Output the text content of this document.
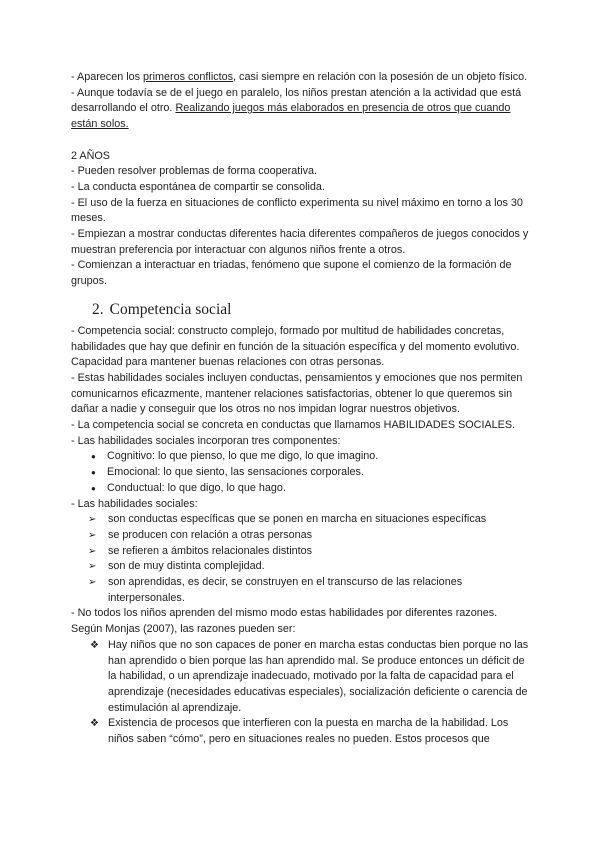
- Aparecen los primeros conflictos, casi siempre en relación con la posesión de un objeto físico.

- Aunque todavía se de el juego en paralelo, los niños prestan atención a la actividad que está desarrollando el otro. Realizando juegos más elaborados en presencia de otros que cuando están solos.

2 AÑOS

- Pueden resolver problemas de forma cooperativa.

- La conducta espontánea de compartir se consolida.

- El uso de la fuerza en situaciones de conflicto experimenta su nivel máximo en torno a los 30 meses.

- Empiezan a mostrar conductas diferentes hacia diferentes compañeros de juegos conocidos y muestran preferencia por interactuar con algunos niños frente a otros.

- Comienzan a interactuar en triadas, fenómeno que supone el comienzo de la formación de grupos.

2. Competencia social

- Competencia social: constructo complejo, formado por multitud de habilidades concretas, habilidades que hay que definir en función de la situación específica y del momento evolutivo. Capacidad para mantener buenas relaciones con otras personas.

- Estas habilidades sociales incluyen conductas, pensamientos y emociones que nos permiten comunicarnos eficazmente, mantener relaciones satisfactorias, obtener lo que queremos sin dañar a nadie y conseguir que los otros no nos impidan lograr nuestros objetivos.

- La competencia social se concreta en conductas que llamamos HABILIDADES SOCIALES.

- Las habilidades sociales incorporan tres componentes:

● Cognitivo: lo que pienso, lo que me digo, lo que imagino.
● Emocional: lo que siento, las sensaciones corporales.
● Conductual: lo que digo, lo que hago.

- Las habilidades sociales:

➢ son conductas específicas que se ponen en marcha en situaciones específicas
➢ se producen con relación a otras personas
➢ se refieren a ámbitos relacionales distintos
➢ son de muy distinta complejidad.
➢ son aprendidas, es decir, se construyen en el transcurso de las relaciones interpersonales.

- No todos los niños aprenden del mismo modo estas habilidades por diferentes razones. Según Monjas (2007), las razones pueden ser:

❖ Hay niños que no son capaces de poner en marcha estas conductas bien porque no las han aprendido o bien porque las han aprendido mal. Se produce entonces un déficit de la habilidad, o un aprendizaje inadecuado, motivado por la falta de capacidad para el aprendizaje (necesidades educativas especiales), socialización deficiente o carencia de estimulación al aprendizaje.
❖ Existencia de procesos que interfieren con la puesta en marcha de la habilidad. Los niños saben “cómo”, pero en situaciones reales no pueden. Estos procesos que
